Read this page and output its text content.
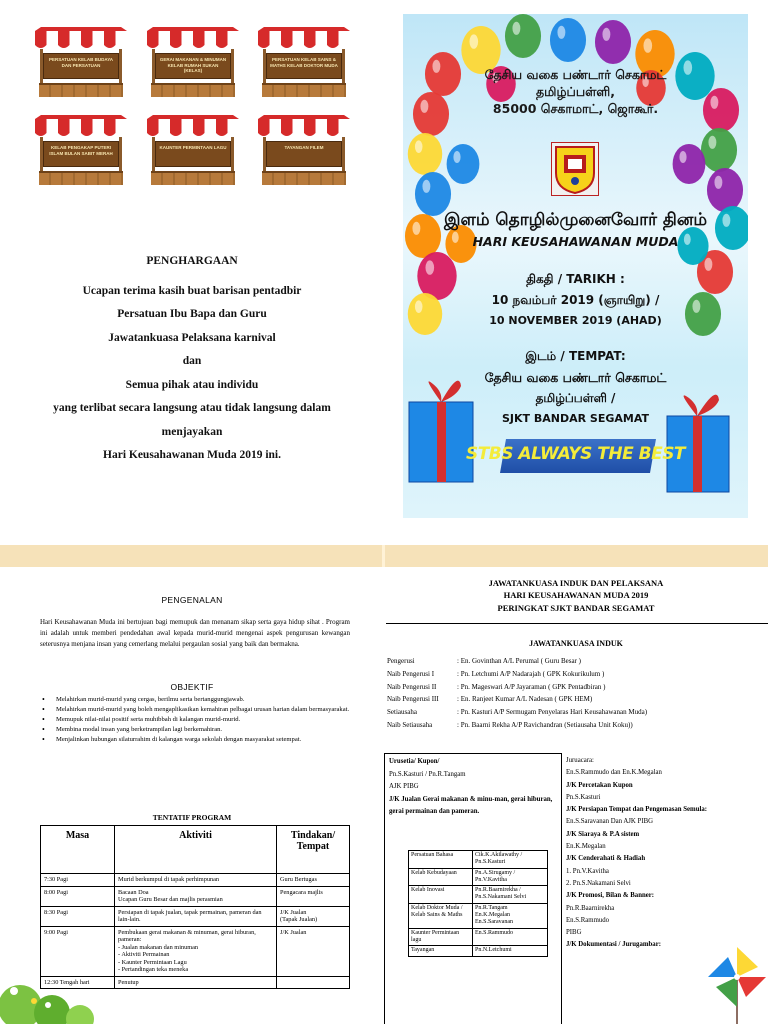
PERSATUAN KELAB BUDAYA DAN PERSATUAN
GERAI MAKANAN & MINUMAN KELAB RUMAH SUKAN (KELAS)
PERSATUAN KELAB SAINS & MATHS KELAB DOKTOR MUDA
KELAB PENGAKAP PUTERI ISLAM BULAN SABIT MERAH
KAUNTER PERMINTAAN LAGU	TAYANGAN FILEM
PENGHARGAAN
Ucapan terima kasih buat barisan pentadbir
Persatuan Ibu Bapa dan Guru
Jawatankuasa Pelaksana karnival
dan
Semua pihak atau individu
yang terlibat secara langsung atau tidak langsung dalam
menjayakan
Hari Keusahawanan Muda 2019 ini.
தேசிய வகை பண்டார் செகாமட்
தமிழ்ப்பள்ளி,
85000 செகாமாட், ஜொகூர்.
இளம் தொழில்முனைவோர் தினம்
HARI KEUSAHAWANAN MUDA
திகதி / TARIKH :
10 நவம்பர் 2019 (ஞாயிறு) /
10 NOVEMBER 2019 (AHAD)
இடம் / TEMPAT:
தேசிய வகை பண்டார் செகாமட்
தமிழ்ப்பள்ளி /
SJKT BANDAR SEGAMAT
STBS ALWAYS THE BEST
PENGENALAN
Hari Keusahawanan Muda ini bertujuan bagi memupuk dan menanam sikap serta gaya hidup sihat . Program ini adalah untuk memberi pendedahan awal kepada murid-murid mengenai aspek pengurusan kewangan seterusnya menjana insan yang cemerlang melalui pergaulan sosial yang baik dan bermakna.
OBJEKTIF
• Melahirkan murid-murid yang cergas, berilmu serta bertanggungjawab.
• Melahirkan murid-murid yang boleh mengaplikasikan kemahiran pelbagai urusan harian dalam bermasyarakat.
• Memupuk nilai-nilai positif serta muhibbah di kalangan murid-murid.
• Membina modal insan yang berketrampilan lagi berkemahiran.
• Menjalinkan hubungan silaturrahim di kalangan warga sekolah dengan masyarakat setempat.
TENTATIF PROGRAM
Masa	Aktiviti	Tindakan/ Tempat
7:30 Pagi	Murid berkumpul di tapak perhimpunan	Guru Bertugas
8:00 Pagi	Bacaan Doa
Ucapan Guru Besar dan majlis perasmian	Pengacara majlis
8:30 Pagi	Persiapan di tapak jualan, tapak permainan, pameran dan lain-lain.	J/K Jualan
(Tapak Jualan)
9:00 Pagi	Pembukaan gerai makanan & minuman, gerai hiburan, pameran:
- Jualan makanan dan minuman
- Aktiviti Permainan
- Kaunter Permintaan Lagu
- Pertandingan teka meneka	J/K Jualan
12:30 Tengah hari	Penutup	
JAWATANKUASA INDUK DAN PELAKSANA
HARI KEUSAHAWANAN MUDA 2019
PERINGKAT SJKT BANDAR SEGAMAT
JAWATANKUASA INDUK
Pengerusi	: En. Govinthan A/L Perumal ( Guru Besar )
Naib Pengerusi I	: Pn. Letchumi A/P Nadarajah ( GPK Kokurikulum )
Naib Pengerusi II	: Pn. Mageswari A/P Jayaraman ( GPK Pentadbiran )
Naib Pengerusi III	: En. Ranjeet Kumar A/L Nadesan ( GPK HEM)
Setiausaha	: Pn. Kasturi A/P Sermugam Penyelaras Hari Keusahawanan Muda)
Naib Setiausaha	: Pn. Baarni Rekha A/P Ravichandran (Setiausaha Unit Koku))
Urusetia/ Kupon/
Pn.S.Kasturi / Pn.R.Tangam
AJK PIBG
J/K Jualan Gerai makanan & minu-man, gerai hiburan, gerai permainan dan pameran.
Persatuan Bahasa	Cik.K.Akilawathy / Pn.S.Kasturi
Kelab Kebudayaan	Pn.A.Sirugamy / Pn.V.Kavitha
Kelab Inovasi	Pn.R.Baarnirekha / Pn.S.Nakamani Selvi
Kelab Doktor Muda / Kelab Sains & Maths	Pn.R.Tangam
En.K.Megalan
En.S.Saravanan
Kaunter Permintaan lagu	En.S.Rammudo
Tayangan	Pn.N.Letchumi
Juruacara:
En.S.Rammudo dan En.K.Megalan
J/K Percetakan Kupon
Pn.S.Kasturi
J/K Persiapan Tempat dan Pengemasan Semula:
En.S.Saravanan Dan AJK PIBG
J/K Siaraya & P.A sistem
En.K.Megalan
J/K Cenderahati & Hadiah
1. Pn.V.Kavitha
2. Pn.S.Nakamani Selvi
J/K Promosi, Bilan & Banner:
Pn.R.Baarnirekha
En.S.Rammudo
PIBG
J/K Dokumentasi / Jurugambar:
